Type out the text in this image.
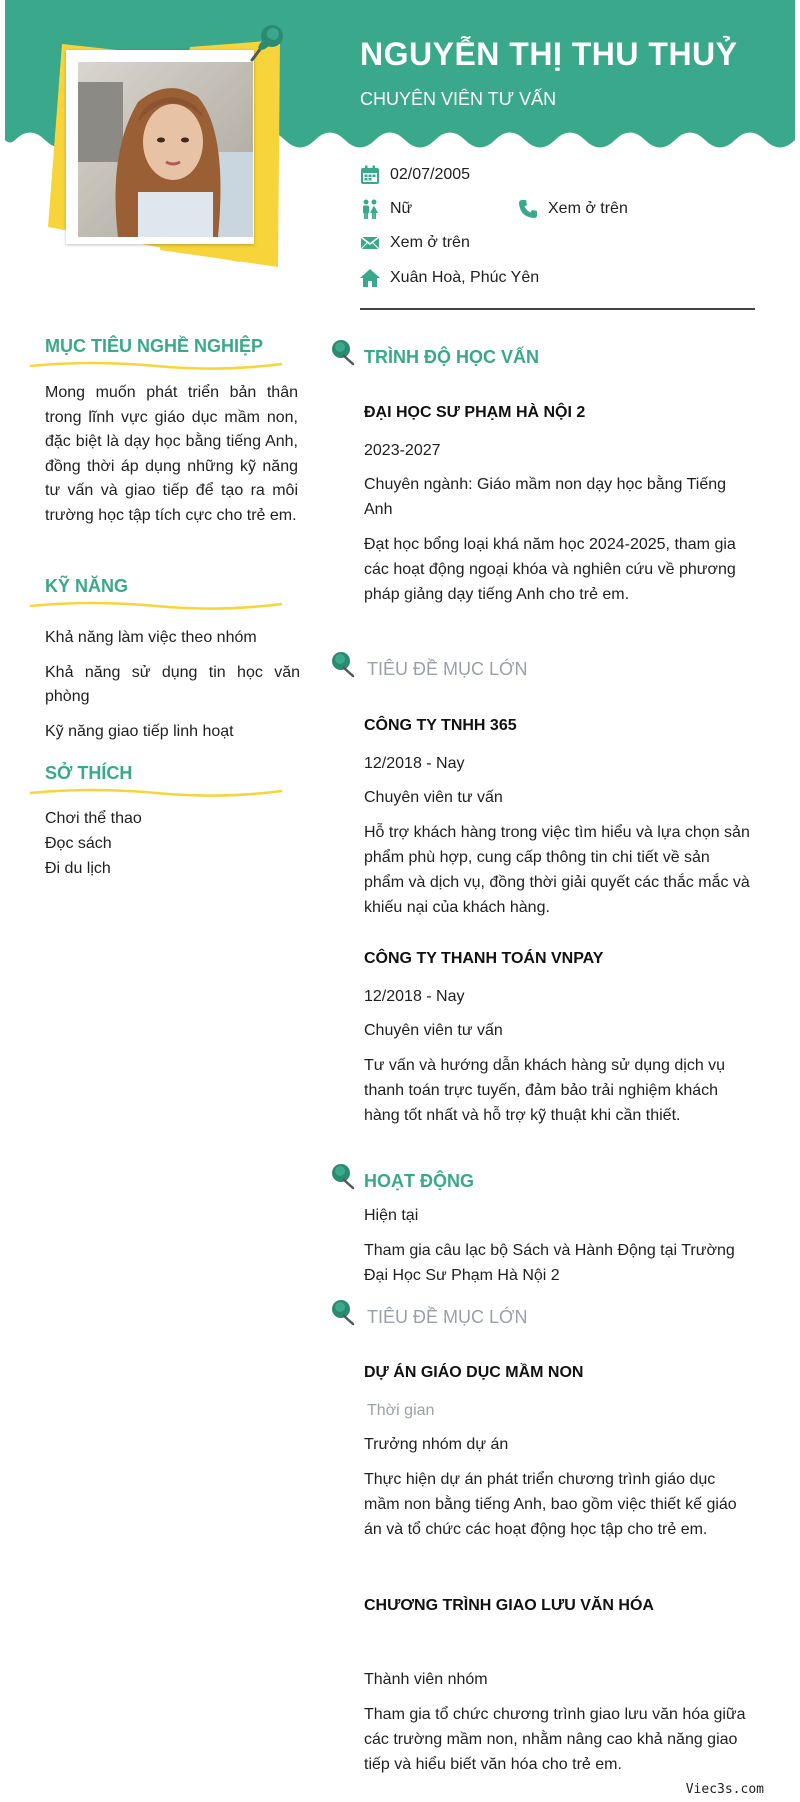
NGUYỄN THỊ THU THUỶ
CHUYÊN VIÊN TƯ VẤN
02/07/2005
Nữ	Xem ở trên
Xem ở trên
Xuân Hoà, Phúc Yên
MỤC TIÊU NGHỀ NGHIỆP
Mong muốn phát triển bản thân trong lĩnh vực giáo dục mầm non, đặc biệt là dạy học bằng tiếng Anh, đồng thời áp dụng những kỹ năng tư vấn và giao tiếp để tạo ra môi trường học tập tích cực cho trẻ em.
KỸ NĂNG
Khả năng làm việc theo nhóm
Khả năng sử dụng tin học văn phòng
Kỹ năng giao tiếp linh hoạt
SỞ THÍCH
Chơi thể thao
Đọc sách
Đi du lịch
TRÌNH ĐỘ HỌC VẤN
ĐẠI HỌC SƯ PHẠM HÀ NỘI 2
2023-2027
Chuyên ngành: Giáo mầm non dạy học bằng Tiếng Anh
Đạt học bổng loại khá năm học 2024-2025, tham gia các hoạt động ngoại khóa và nghiên cứu về phương pháp giảng dạy tiếng Anh cho trẻ em.
TIÊU ĐỀ MỤC LỚN
CÔNG TY TNHH 365
12/2018 - Nay
Chuyên viên tư vấn
Hỗ trợ khách hàng trong việc tìm hiểu và lựa chọn sản phẩm phù hợp, cung cấp thông tin chi tiết về sản phẩm và dịch vụ, đồng thời giải quyết các thắc mắc và khiếu nại của khách hàng.
CÔNG TY THANH TOÁN VNPAY
12/2018 - Nay
Chuyên viên tư vấn
Tư vấn và hướng dẫn khách hàng sử dụng dịch vụ thanh toán trực tuyến, đảm bảo trải nghiệm khách hàng tốt nhất và hỗ trợ kỹ thuật khi cần thiết.
HOẠT ĐỘNG
Hiện tại
Tham gia câu lạc bộ Sách và Hành Động tại Trường Đại Học Sư Phạm Hà Nội 2
TIÊU ĐỀ MỤC LỚN
DỰ ÁN GIÁO DỤC MẦM NON
Thời gian
Trưởng nhóm dự án
Thực hiện dự án phát triển chương trình giáo dục mầm non bằng tiếng Anh, bao gồm việc thiết kế giáo án và tổ chức các hoạt động học tập cho trẻ em.
CHƯƠNG TRÌNH GIAO LƯU VĂN HÓA
Thành viên nhóm
Tham gia tổ chức chương trình giao lưu văn hóa giữa các trường mầm non, nhằm nâng cao khả năng giao tiếp và hiểu biết văn hóa cho trẻ em.
Viec3s.com
